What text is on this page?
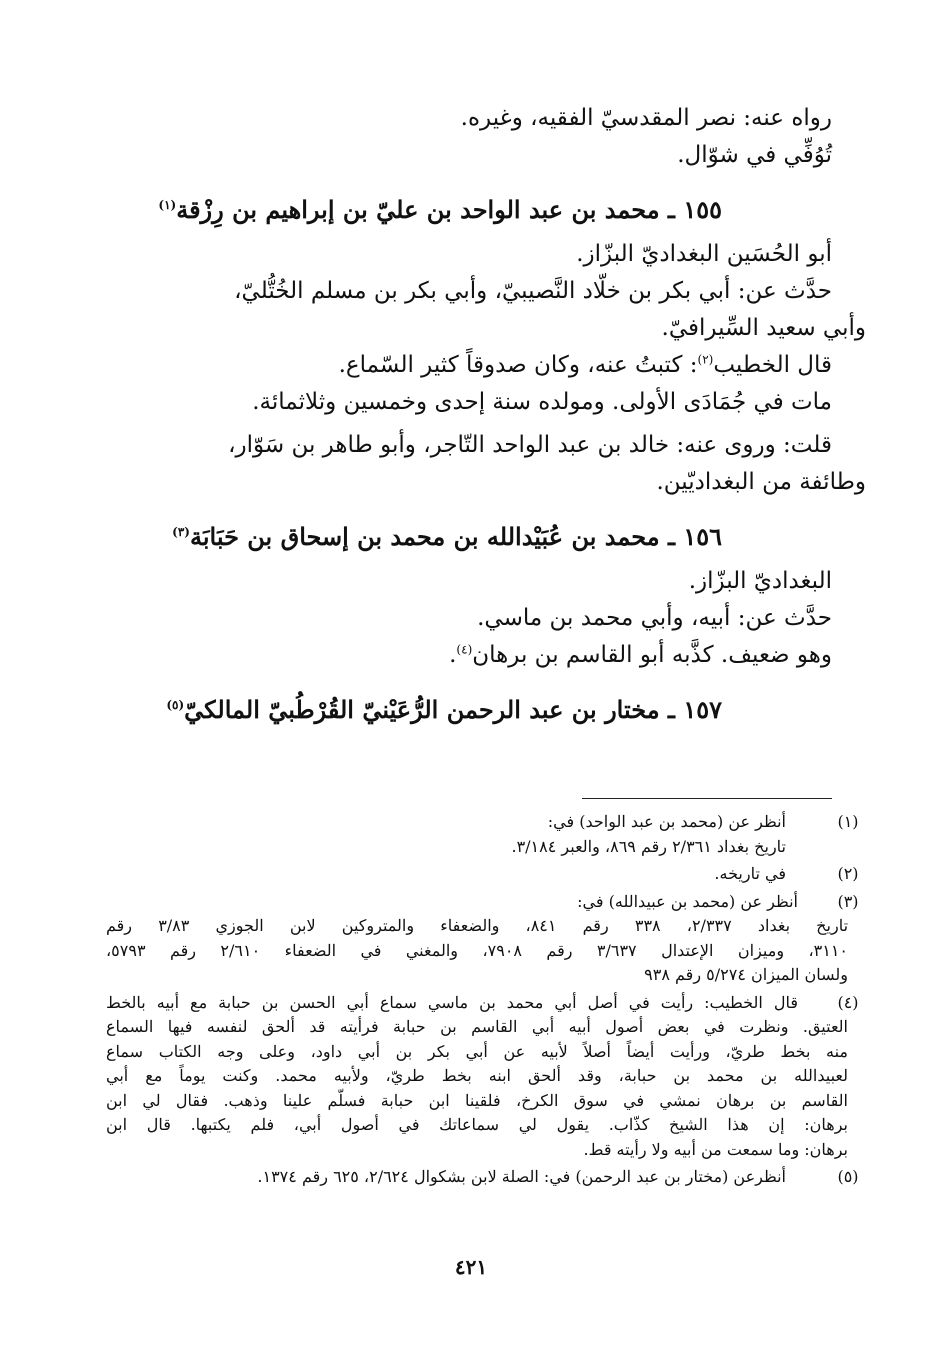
رواه عنه: نصر المقدسيّ الفقيه، وغيره.
تُوُفِّي في شوّال.
١٥٥ ـ محمد بن عبد الواحد بن عليّ بن إبراهيم بن رِزْقة$^{(١)}$
أبو الحُسَين البغداديّ البزّاز.
حدَّث عن: أبي بكر بن خلّاد النَّصيبيّ، وأبي بكر بن مسلم الخُتُّليّ،
وأبي سعيد السِّيرافيّ.
قال الخطيب$^{(٢)}$: كتبتُ عنه، وكان صدوقاً كثير السّماع.
مات في جُمَادَى الأولى. ومولده سنة إحدى وخمسين وثلاثمائة.
قلت: وروى عنه: خالد بن عبد الواحد التّاجر، وأبو طاهر بن سَوّار،
وطائفة من البغداديّين.
١٥٦ ـ محمد بن عُبَيْدالله بن محمد بن إسحاق بن حَبَابَة$^{(٣)}$
البغداديّ البزّاز.
حدَّث عن: أبيه، وأبي محمد بن ماسي.
وهو ضعيف. كذَّبه أبو القاسم بن برهان$^{(٤)}$.
١٥٧ ـ مختار بن عبد الرحمن الرُّعَيْنيّ القُرْطُبيّ المالكيّ$^{(٥)}$
(١)
أنظر عن (محمد بن عبد الواحد) في:
تاريخ بغداد ٢/٣٦١ رقم ٨٦٩، والعبر ٣/١٨٤.
(٢)
في تاريخه.
(٣)
أنظر عن (محمد بن عبيدالله) في:
تاريخ بغداد ٢/٣٣٧، ٣٣٨ رقم ٨٤١، والضعفاء والمتروكين لابن الجوزي ٣/٨٣ رقم
٣١١٠، وميزان الإعتدال ٣/٦٣٧ رقم ٧٩٠٨، والمغني في الضعفاء ٢/٦١٠ رقم ٥٧٩٣،
ولسان الميزان ٥/٢٧٤ رقم ٩٣٨
(٤)
قال الخطيب: رأيت في أصل أبي محمد بن ماسي سماع أبي الحسن بن حبابة مع أبيه بالخط
العتيق. ونظرت في بعض أصول أبيه أبي القاسم بن حبابة فرأيته قد ألحق لنفسه فيها السماع
منه بخط طريّ، ورأيت أيضاً أصلاً لأبيه عن أبي بكر بن أبي داود، وعلى وجه الكتاب سماع
لعبيدالله بن محمد بن حبابة، وقد ألحق ابنه بخط طريّ، ولأبيه محمد. وكنت يوماً مع أبي
القاسم بن برهان نمشي في سوق الكرخ، فلقينا ابن حبابة فسلّم علينا وذهب. فقال لي ابن
برهان: إن هذا الشيخ كذّاب. يقول لي سماعاتك في أصول أبي، فلم يكتبها. قال ابن
برهان: وما سمعت من أبيه ولا رأيته قط.
(٥)
أنظرعن (مختار بن عبد الرحمن) في: الصلة لابن بشكوال ٢/٦٢٤، ٦٢٥ رقم ١٣٧٤.
٤٢١
